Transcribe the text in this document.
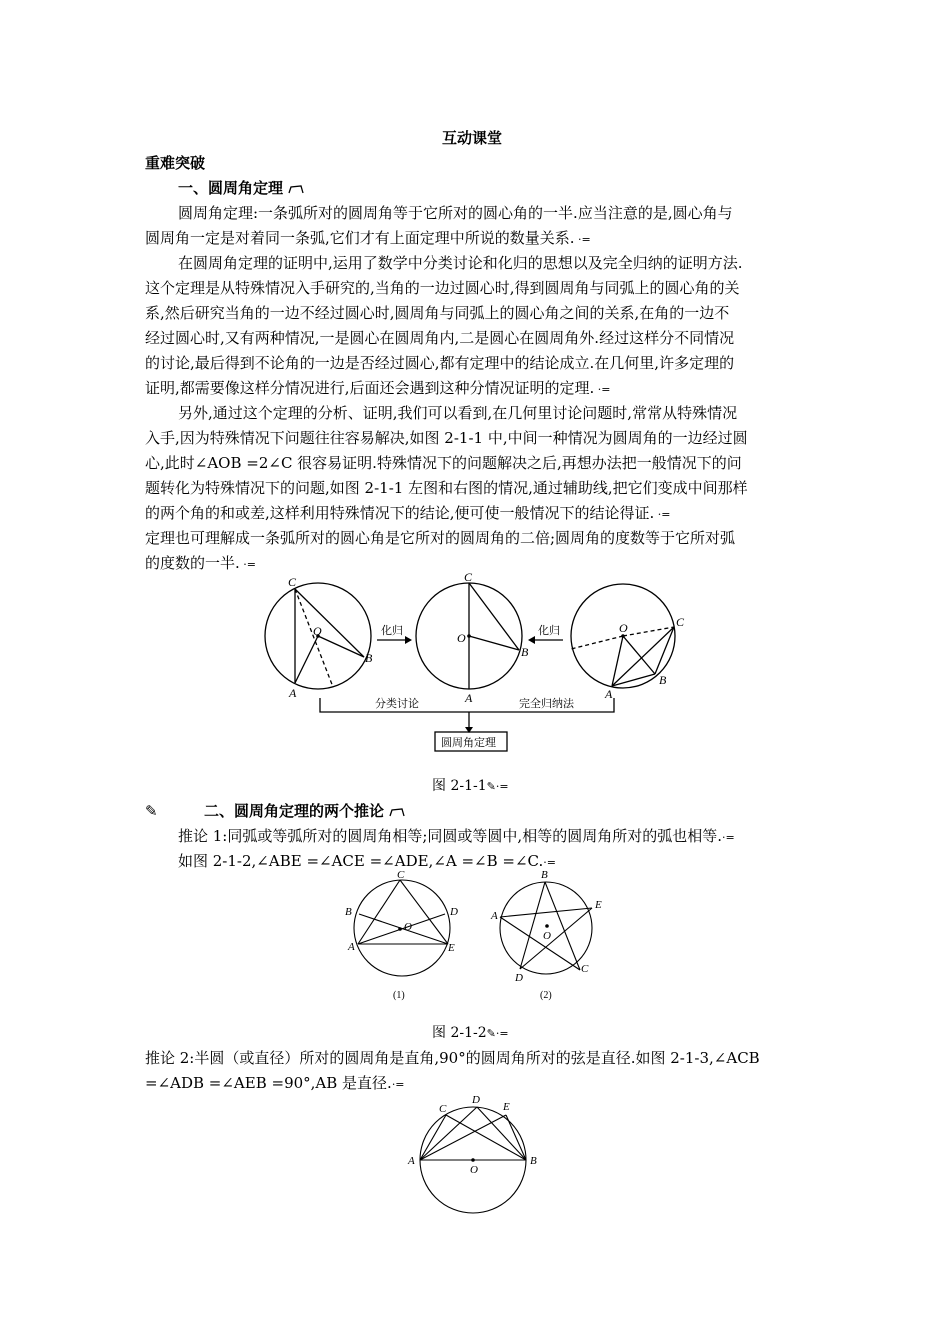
互动课堂
重难突破
一、圆周角定理
圆周角定理:一条弧所对的圆周角等于它所对的圆心角的一半.应当注意的是,圆心角与
圆周角一定是对着同一条弧,它们才有上面定理中所说的数量关系. ·=
在圆周角定理的证明中,运用了数学中分类讨论和化归的思想以及完全归纳的证明方法.
这个定理是从特殊情况入手研究的,当角的一边过圆心时,得到圆周角与同弧上的圆心角的关
系,然后研究当角的一边不经过圆心时,圆周角与同弧上的圆心角之间的关系,在角的一边不
经过圆心时,又有两种情况,一是圆心在圆周角内,二是圆心在圆周角外.经过这样分不同情况
的讨论,最后得到不论角的一边是否经过圆心,都有定理中的结论成立.在几何里,许多定理的
证明,都需要像这样分情况进行,后面还会遇到这种分情况证明的定理. ·=
另外,通过这个定理的分析、证明,我们可以看到,在几何里讨论问题时,常常从特殊情况
入手,因为特殊情况下问题往往容易解决,如图 2-1-1 中,中间一种情况为圆周角的一边经过圆
心,此时∠AOB =2∠C 很容易证明.特殊情况下的问题解决之后,再想办法把一般情况下的问
题转化为特殊情况下的问题,如图 2-1-1 左图和右图的情况,通过辅助线,把它们变成中间那样
的两个角的和或差,这样利用特殊情况下的结论,便可使一般情况下的结论得证. ·=
定理也可理解成一条弧所对的圆心角是它所对的圆周角的二倍;圆周角的度数等于它所对弧
的度数的一半. ·=
C
O
A
B
C
O
A
B
O	C
A
B
化归	化归
分类讨论	完全归纳法
圆周角定理
图 2-1-1✎·=
✎	二、圆周角定理的两个推论
推论 1:同弧或等弧所对的圆周角相等;同圆或等圆中,相等的圆周角所对的弧也相等.·=
如图 2-1-2,∠ABE =∠ACE =∠ADE,∠A =∠B =∠C.·=
C
B
A
D
E
O
B
A
E
O
D
C
(1)	(2)
图 2-1-2✎·=
推论 2:半圆（或直径）所对的圆周角是直角,90°的圆周角所对的弦是直径.如图 2-1-3,∠ACB
=∠ADB =∠AEB =90°,AB 是直径.·=
A	B
C
D
E
O
